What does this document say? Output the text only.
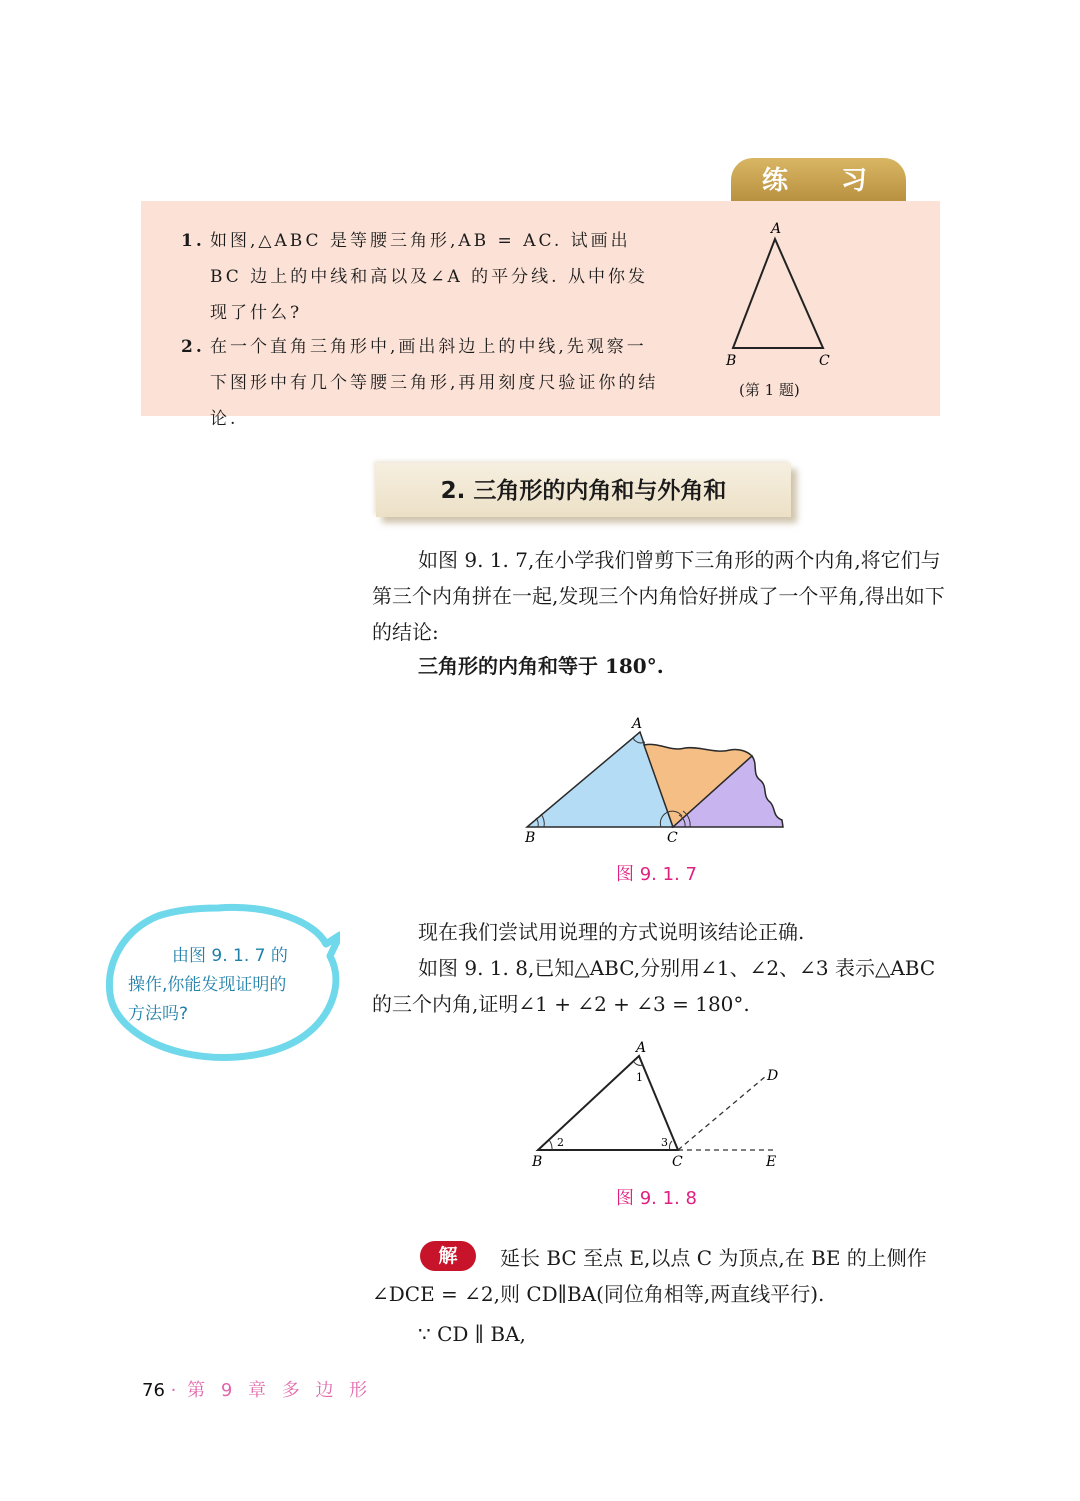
练 习
1. 如图,△ABC 是等腰三角形,AB = AC. 试画出 BC 边上的中线和高以及∠A 的平分线. 从中你发现了什么?
2. 在一个直角三角形中,画出斜边上的中线,先观察一下图形中有几个等腰三角形,再用刻度尺验证你的结论.
A
B	C
(第 1 题)
2. 三角形的内角和与外角和
如图 9. 1. 7,在小学我们曾剪下三角形的两个内角,将它们与第三个内角拼在一起,发现三个内角恰好拼成了一个平角,得出如下的结论:
三角形的内角和等于 180°.
A
B	C
图 9. 1. 7
由图 9. 1. 7 的操作,你能发现证明的方法吗?
现在我们尝试用说理的方式说明该结论正确.
如图 9. 1. 8,已知△ABC,分别用∠1、∠2、∠3 表示△ABC 的三个内角,证明∠1 + ∠2 + ∠3 = 180°.
A
B	C
D
E
1
2	3
图 9. 1. 8
解	延长 BC 至点 E,以点 C 为顶点,在 BE 的上侧作∠DCE = ∠2,则 CD∥BA(同位角相等,两直线平行).
∵ CD ∥ BA,
76 · 第 9 章 多 边 形
